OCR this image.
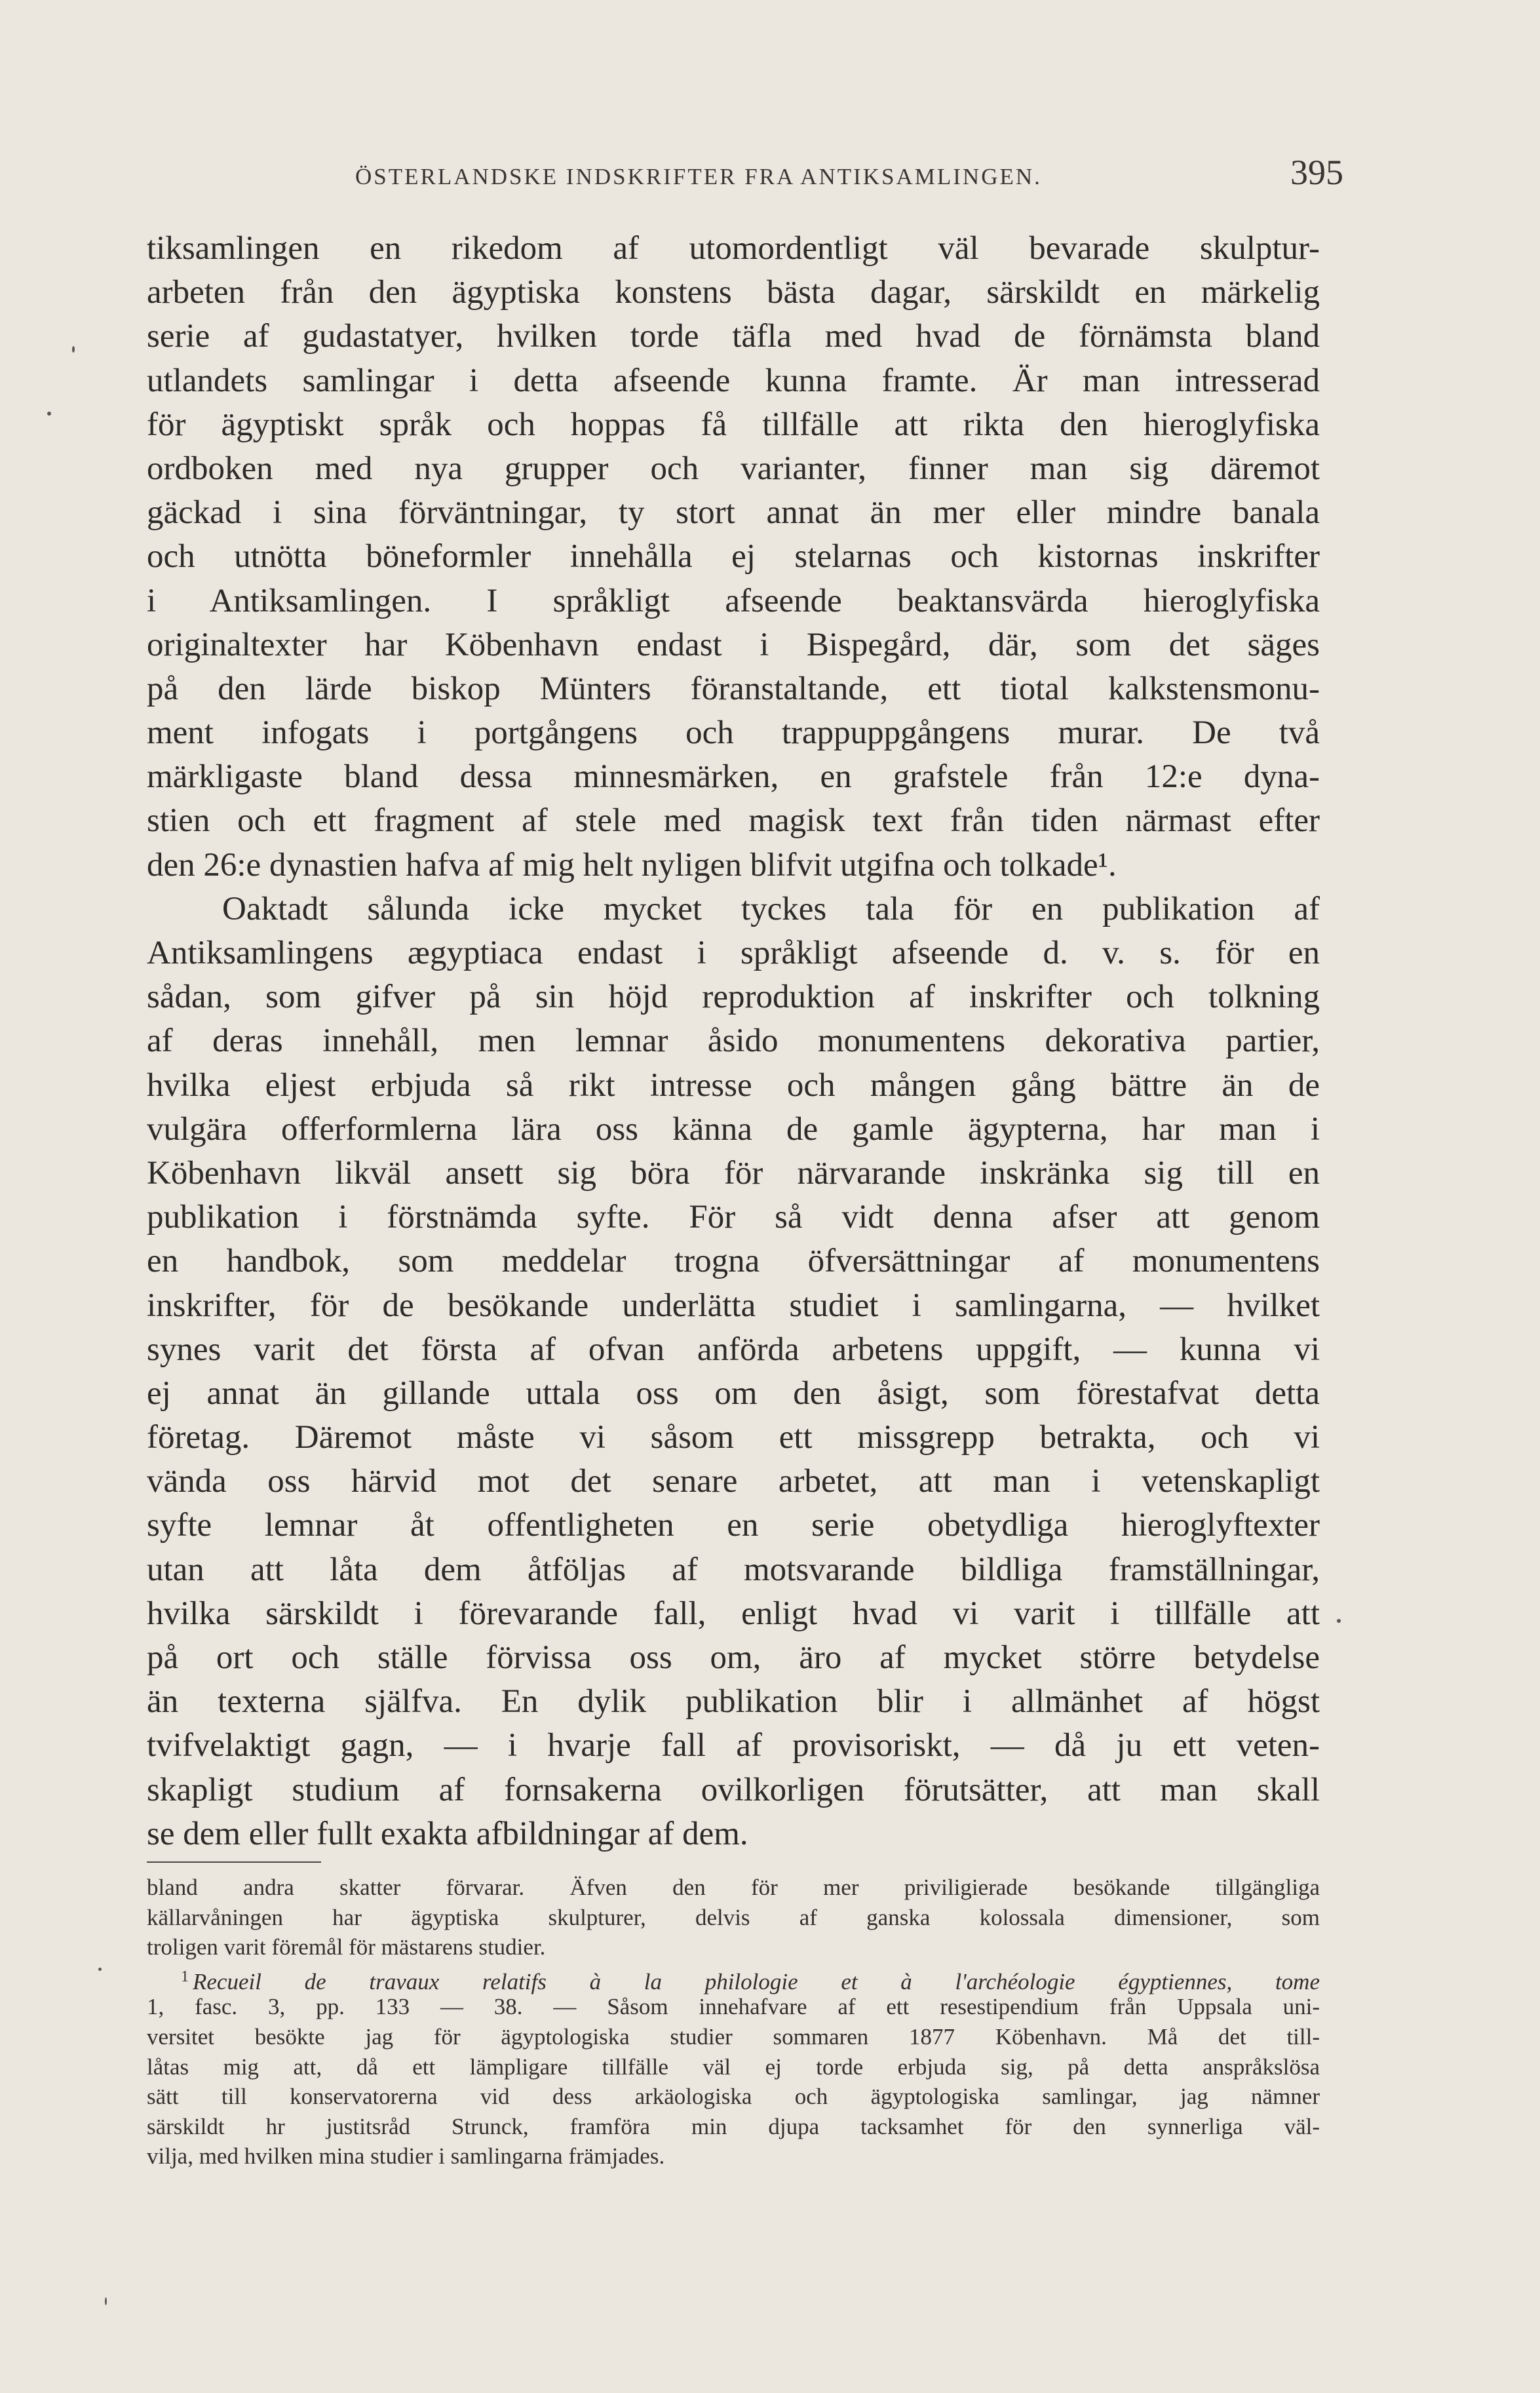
ÖSTERLANDSKE INDSKRIFTER FRA ANTIKSAMLINGEN.	395
tiksamlingen en rikedom af utomordentligt väl bevarade skulptur-
arbeten från den ägyptiska konstens bästa dagar, särskildt en märkelig
serie af gudastatyer, hvilken torde täfla med hvad de förnämsta bland
utlandets samlingar i detta afseende kunna framte. Är man intresserad
för ägyptiskt språk och hoppas få tillfälle att rikta den hieroglyfiska
ordboken med nya grupper och varianter, finner man sig däremot
gäckad i sina förväntningar, ty stort annat än mer eller mindre banala
och utnötta böneformler innehålla ej stelarnas och kistornas inskrifter
i Antiksamlingen. I språkligt afseende beaktansvärda hieroglyfiska
originaltexter har Köbenhavn endast i Bispegård, där, som det säges
på den lärde biskop Münters föranstaltande, ett tiotal kalkstensmonu-
ment infogats i portgångens och trappuppgångens murar. De två
märkligaste bland dessa minnesmärken, en grafstele från 12:e dyna-
stien och ett fragment af stele med magisk text från tiden närmast efter
den 26:e dynastien hafva af mig helt nyligen blifvit utgifna och tolkade¹.
Oaktadt sålunda icke mycket tyckes tala för en publikation af
Antiksamlingens ægyptiaca endast i språkligt afseende d. v. s. för en
sådan, som gifver på sin höjd reproduktion af inskrifter och tolkning
af deras innehåll, men lemnar åsido monumentens dekorativa partier,
hvilka eljest erbjuda så rikt intresse och mången gång bättre än de
vulgära offerformlerna lära oss känna de gamle ägypterna, har man i
Köbenhavn likväl ansett sig böra för närvarande inskränka sig till en
publikation i förstnämda syfte. För så vidt denna afser att genom
en handbok, som meddelar trogna öfversättningar af monumentens
inskrifter, för de besökande underlätta studiet i samlingarna, — hvilket
synes varit det första af ofvan anförda arbetens uppgift, — kunna vi
ej annat än gillande uttala oss om den åsigt, som förestafvat detta
företag. Däremot måste vi såsom ett missgrepp betrakta, och vi
vända oss härvid mot det senare arbetet, att man i vetenskapligt
syfte lemnar åt offentligheten en serie obetydliga hieroglyftexter
utan att låta dem åtföljas af motsvarande bildliga framställningar,
hvilka särskildt i förevarande fall, enligt hvad vi varit i tillfälle att
på ort och ställe förvissa oss om, äro af mycket större betydelse
än texterna själfva. En dylik publikation blir i allmänhet af högst
tvifvelaktigt gagn, — i hvarje fall af provisoriskt, — då ju ett veten-
skapligt studium af fornsakerna ovilkorligen förutsätter, att man skall
se dem eller fullt exakta afbildningar af dem.
bland andra skatter förvarar. Äfven den för mer priviligierade besökande tillgängliga
källarvåningen har ägyptiska skulpturer, delvis af ganska kolossala dimensioner, som
troligen varit föremål för mästarens studier.
$^1$ Recueil de travaux relatifs à la philologie et à l'archéologie égyptiennes, tome
1, fasc. 3, pp. 133 — 38. — Såsom innehafvare af ett resestipendium från Uppsala uni-
versitet besökte jag för ägyptologiska studier sommaren 1877 Köbenhavn. Må det till-
låtas mig att, då ett lämpligare tillfälle väl ej torde erbjuda sig, på detta anspråkslösa
sätt till konservatorerna vid dess arkäologiska och ägyptologiska samlingar, jag nämner
särskildt hr justitsråd Strunck, framföra min djupa tacksamhet för den synnerliga väl-
vilja, med hvilken mina studier i samlingarna främjades.
